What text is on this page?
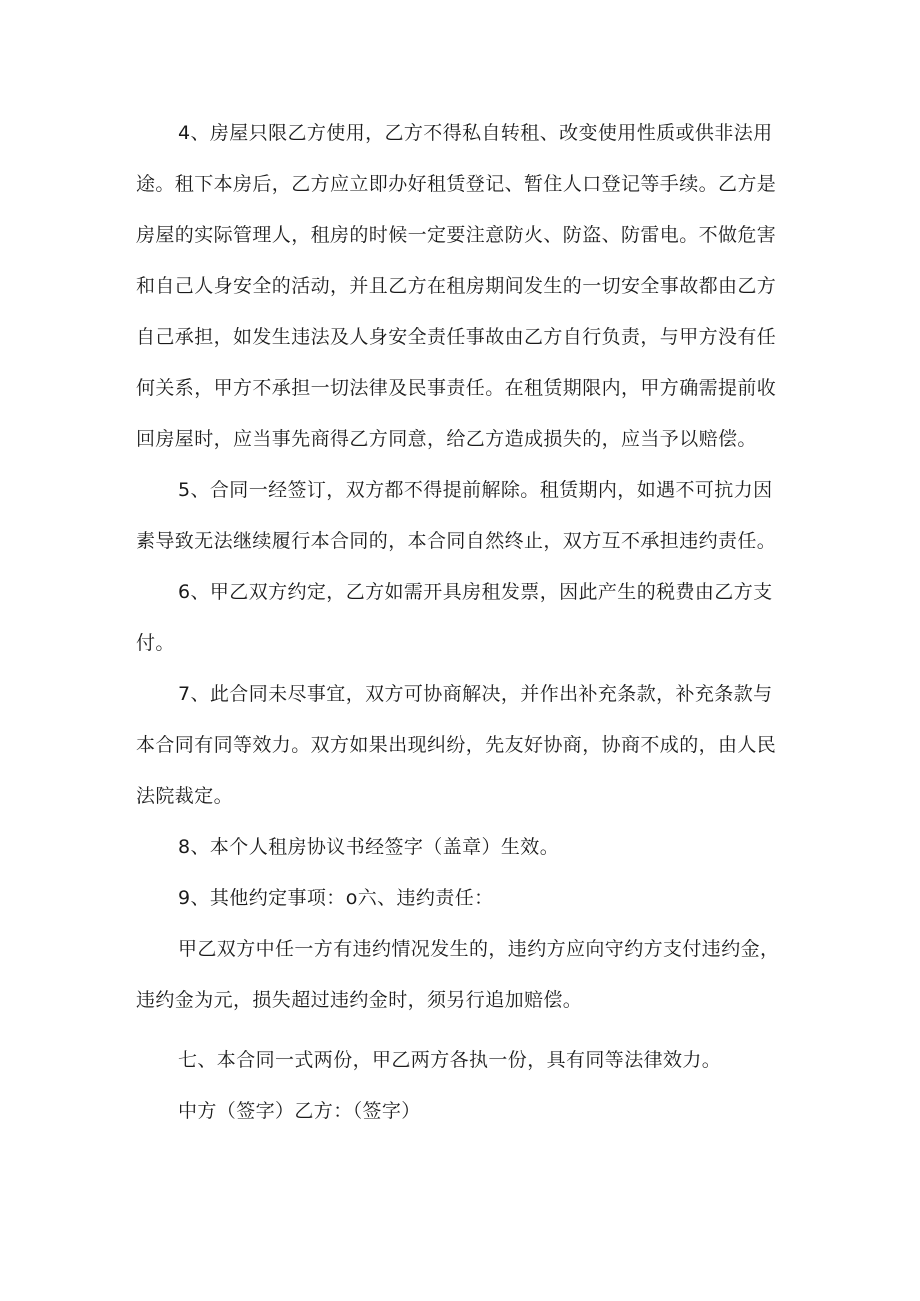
4、房屋只限乙方使用，乙方不得私自转租、改变使用性质或供非法用
途。租下本房后，乙方应立即办好租赁登记、暂住人口登记等手续。乙方是
房屋的实际管理人，租房的时候一定要注意防火、防盗、防雷电。不做危害
和自己人身安全的活动，并且乙方在租房期间发生的一切安全事故都由乙方
自己承担，如发生违法及人身安全责任事故由乙方自行负责，与甲方没有任
何关系，甲方不承担一切法律及民事责任。在租赁期限内，甲方确需提前收
回房屋时，应当事先商得乙方同意，给乙方造成损失的，应当予以赔偿。
5、合同一经签订，双方都不得提前解除。租赁期内，如遇不可抗力因
素导致无法继续履行本合同的，本合同自然终止，双方互不承担违约责任。
6、甲乙双方约定，乙方如需开具房租发票，因此产生的税费由乙方支
付。
7、此合同未尽事宜，双方可协商解决，并作出补充条款，补充条款与
本合同有同等效力。双方如果出现纠纷，先友好协商，协商不成的，由人民
法院裁定。
8、本个人租房协议书经签字（盖章）生效。
9、其他约定事项：o六、违约责任：
甲乙双方中任一方有违约情况发生的，违约方应向守约方支付违约金，
违约金为元，损失超过违约金时，须另行追加赔偿。
七、本合同一式两份，甲乙两方各执一份，具有同等法律效力。
中方（签字）乙方：（签字）
